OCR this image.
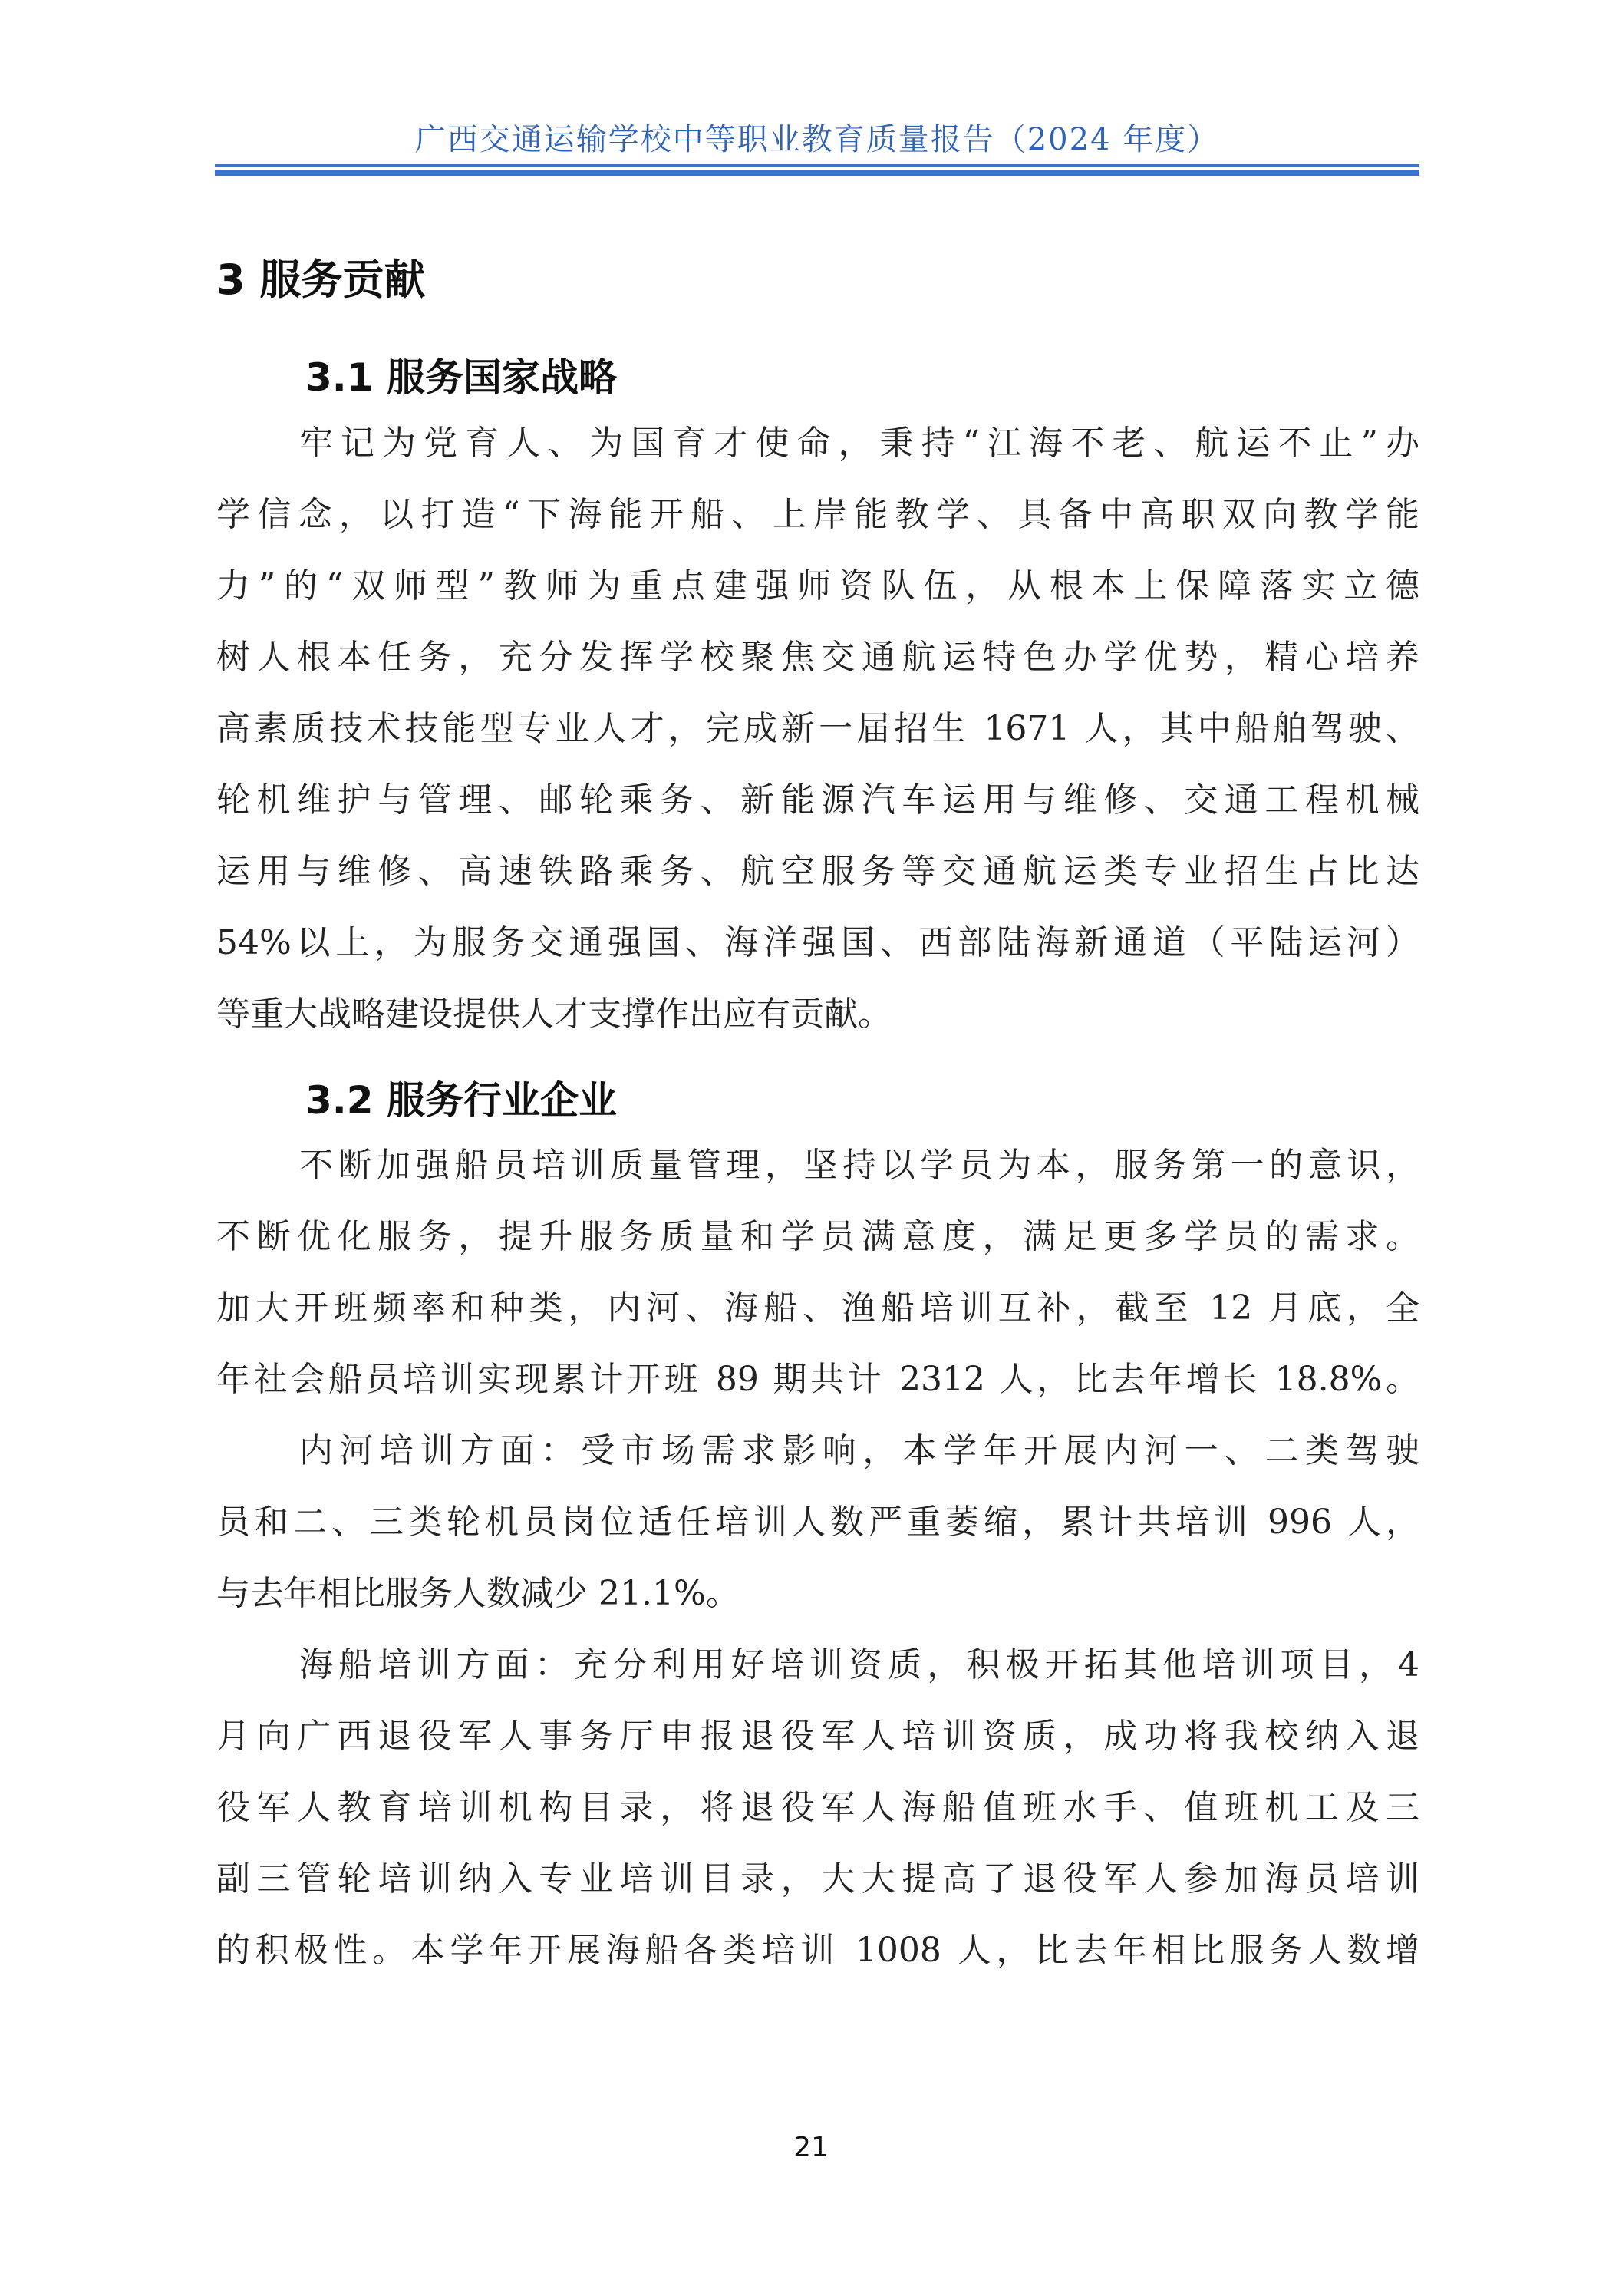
广西交通运输学校中等职业教育质量报告（2024 年度）
3 服务贡献
3.1 服务国家战略
牢记为党育人、为国育才使命，秉持“江海不老、航运不止”办
学信念，以打造“下海能开船、上岸能教学、具备中高职双向教学能
力”的“双师型”教师为重点建强师资队伍，从根本上保障落实立德
树人根本任务，充分发挥学校聚焦交通航运特色办学优势，精心培养
高素质技术技能型专业人才，完成新一届招生 1671 人，其中船舶驾驶、
轮机维护与管理、邮轮乘务、新能源汽车运用与维修、交通工程机械
运用与维修、高速铁路乘务、航空服务等交通航运类专业招生占比达
54%以上，为服务交通强国、海洋强国、西部陆海新通道（平陆运河）
等重大战略建设提供人才支撑作出应有贡献。
3.2 服务行业企业
不断加强船员培训质量管理，坚持以学员为本，服务第一的意识，
不断优化服务，提升服务质量和学员满意度，满足更多学员的需求。
加大开班频率和种类，内河、海船、渔船培训互补，截至 12 月底，全
年社会船员培训实现累计开班 89 期共计 2312 人，比去年增长 18.8%。
内河培训方面：受市场需求影响，本学年开展内河一、二类驾驶
员和二、三类轮机员岗位适任培训人数严重萎缩，累计共培训 996 人，
与去年相比服务人数减少 21.1%。
海船培训方面：充分利用好培训资质，积极开拓其他培训项目，4
月向广西退役军人事务厅申报退役军人培训资质，成功将我校纳入退
役军人教育培训机构目录，将退役军人海船值班水手、值班机工及三
副三管轮培训纳入专业培训目录，大大提高了退役军人参加海员培训
的积极性。本学年开展海船各类培训 1008 人，比去年相比服务人数增
21
